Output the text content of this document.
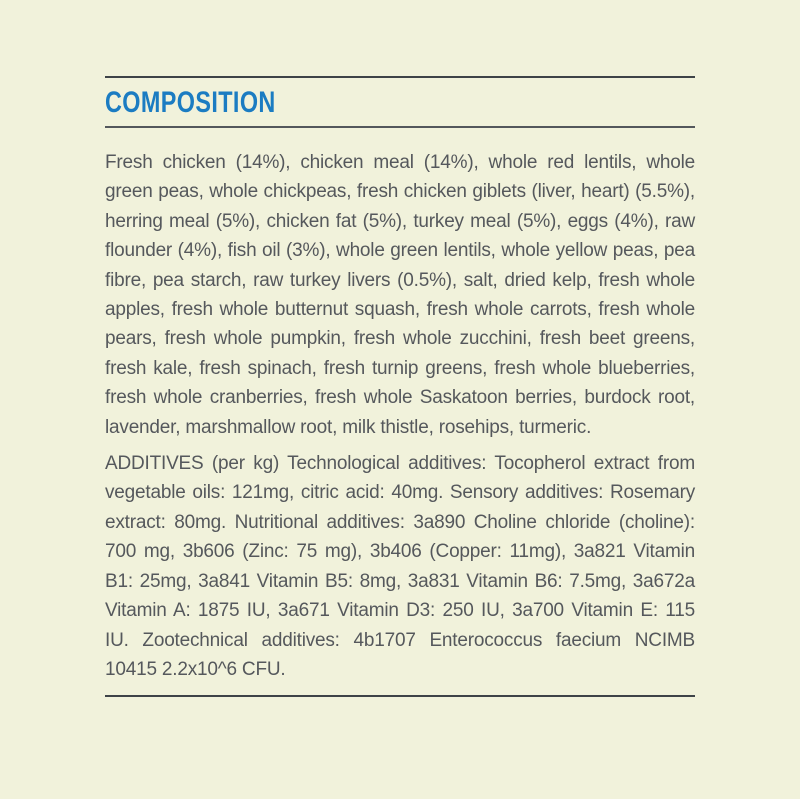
COMPOSITION

Fresh chicken (14%), chicken meal (14%), whole red lentils, whole green peas, whole chickpeas, fresh chicken giblets (liver, heart) (5.5%), herring meal (5%), chicken fat (5%), turkey meal (5%), eggs (4%), raw flounder (4%), fish oil (3%), whole green lentils, whole yellow peas, pea fibre, pea starch, raw turkey livers (0.5%), salt, dried kelp, fresh whole apples, fresh whole butternut squash, fresh whole carrots, fresh whole pears, fresh whole pumpkin, fresh whole zucchini, fresh beet greens, fresh kale, fresh spinach, fresh turnip greens, fresh whole blueberries, fresh whole cranberries, fresh whole Saskatoon berries, burdock root, lavender, marshmallow root, milk thistle, rosehips, turmeric.

ADDITIVES (per kg) Technological additives: Tocopherol extract from vegetable oils: 121mg, citric acid: 40mg. Sensory additives: Rosemary extract: 80mg. Nutritional additives: 3a890 Choline chloride (choline): 700 mg, 3b606 (Zinc: 75 mg), 3b406 (Copper: 11mg), 3a821 Vitamin B1: 25mg, 3a841 Vitamin B5: 8mg, 3a831 Vitamin B6: 7.5mg, 3a672a Vitamin A: 1875 IU, 3a671 Vitamin D3: 250 IU, 3a700 Vitamin E: 115 IU. Zootechnical additives: 4b1707 Enterococcus faecium NCIMB 10415 2.2x10^6 CFU.
